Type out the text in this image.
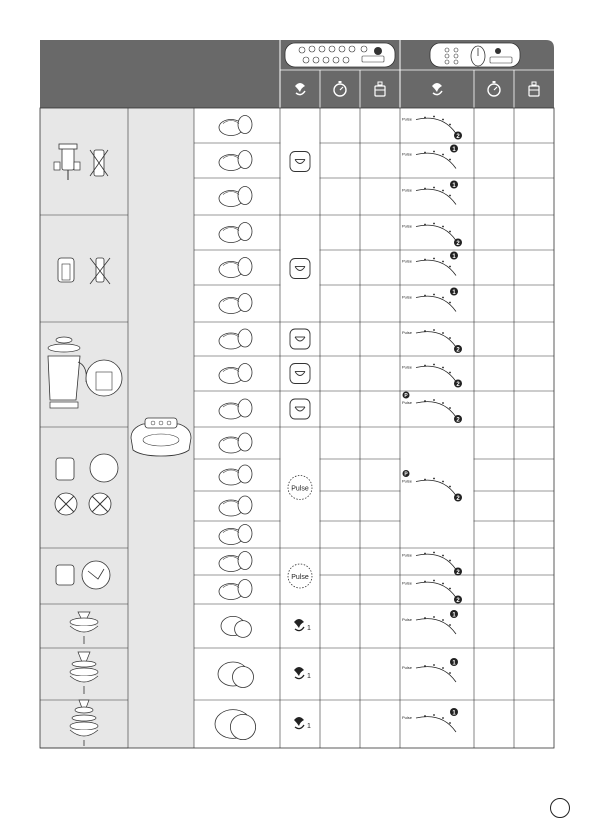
Pulse
Pulse
1
1
1
Pulse
2
Pulse
1
Pulse
1
Pulse
2
Pulse
1
Pulse
1
Pulse
2
Pulse
2
Pulse
P
2
Pulse
2
Pulse
2
Pulse
1
Pulse
1
Pulse
1
Pulse
P
2
